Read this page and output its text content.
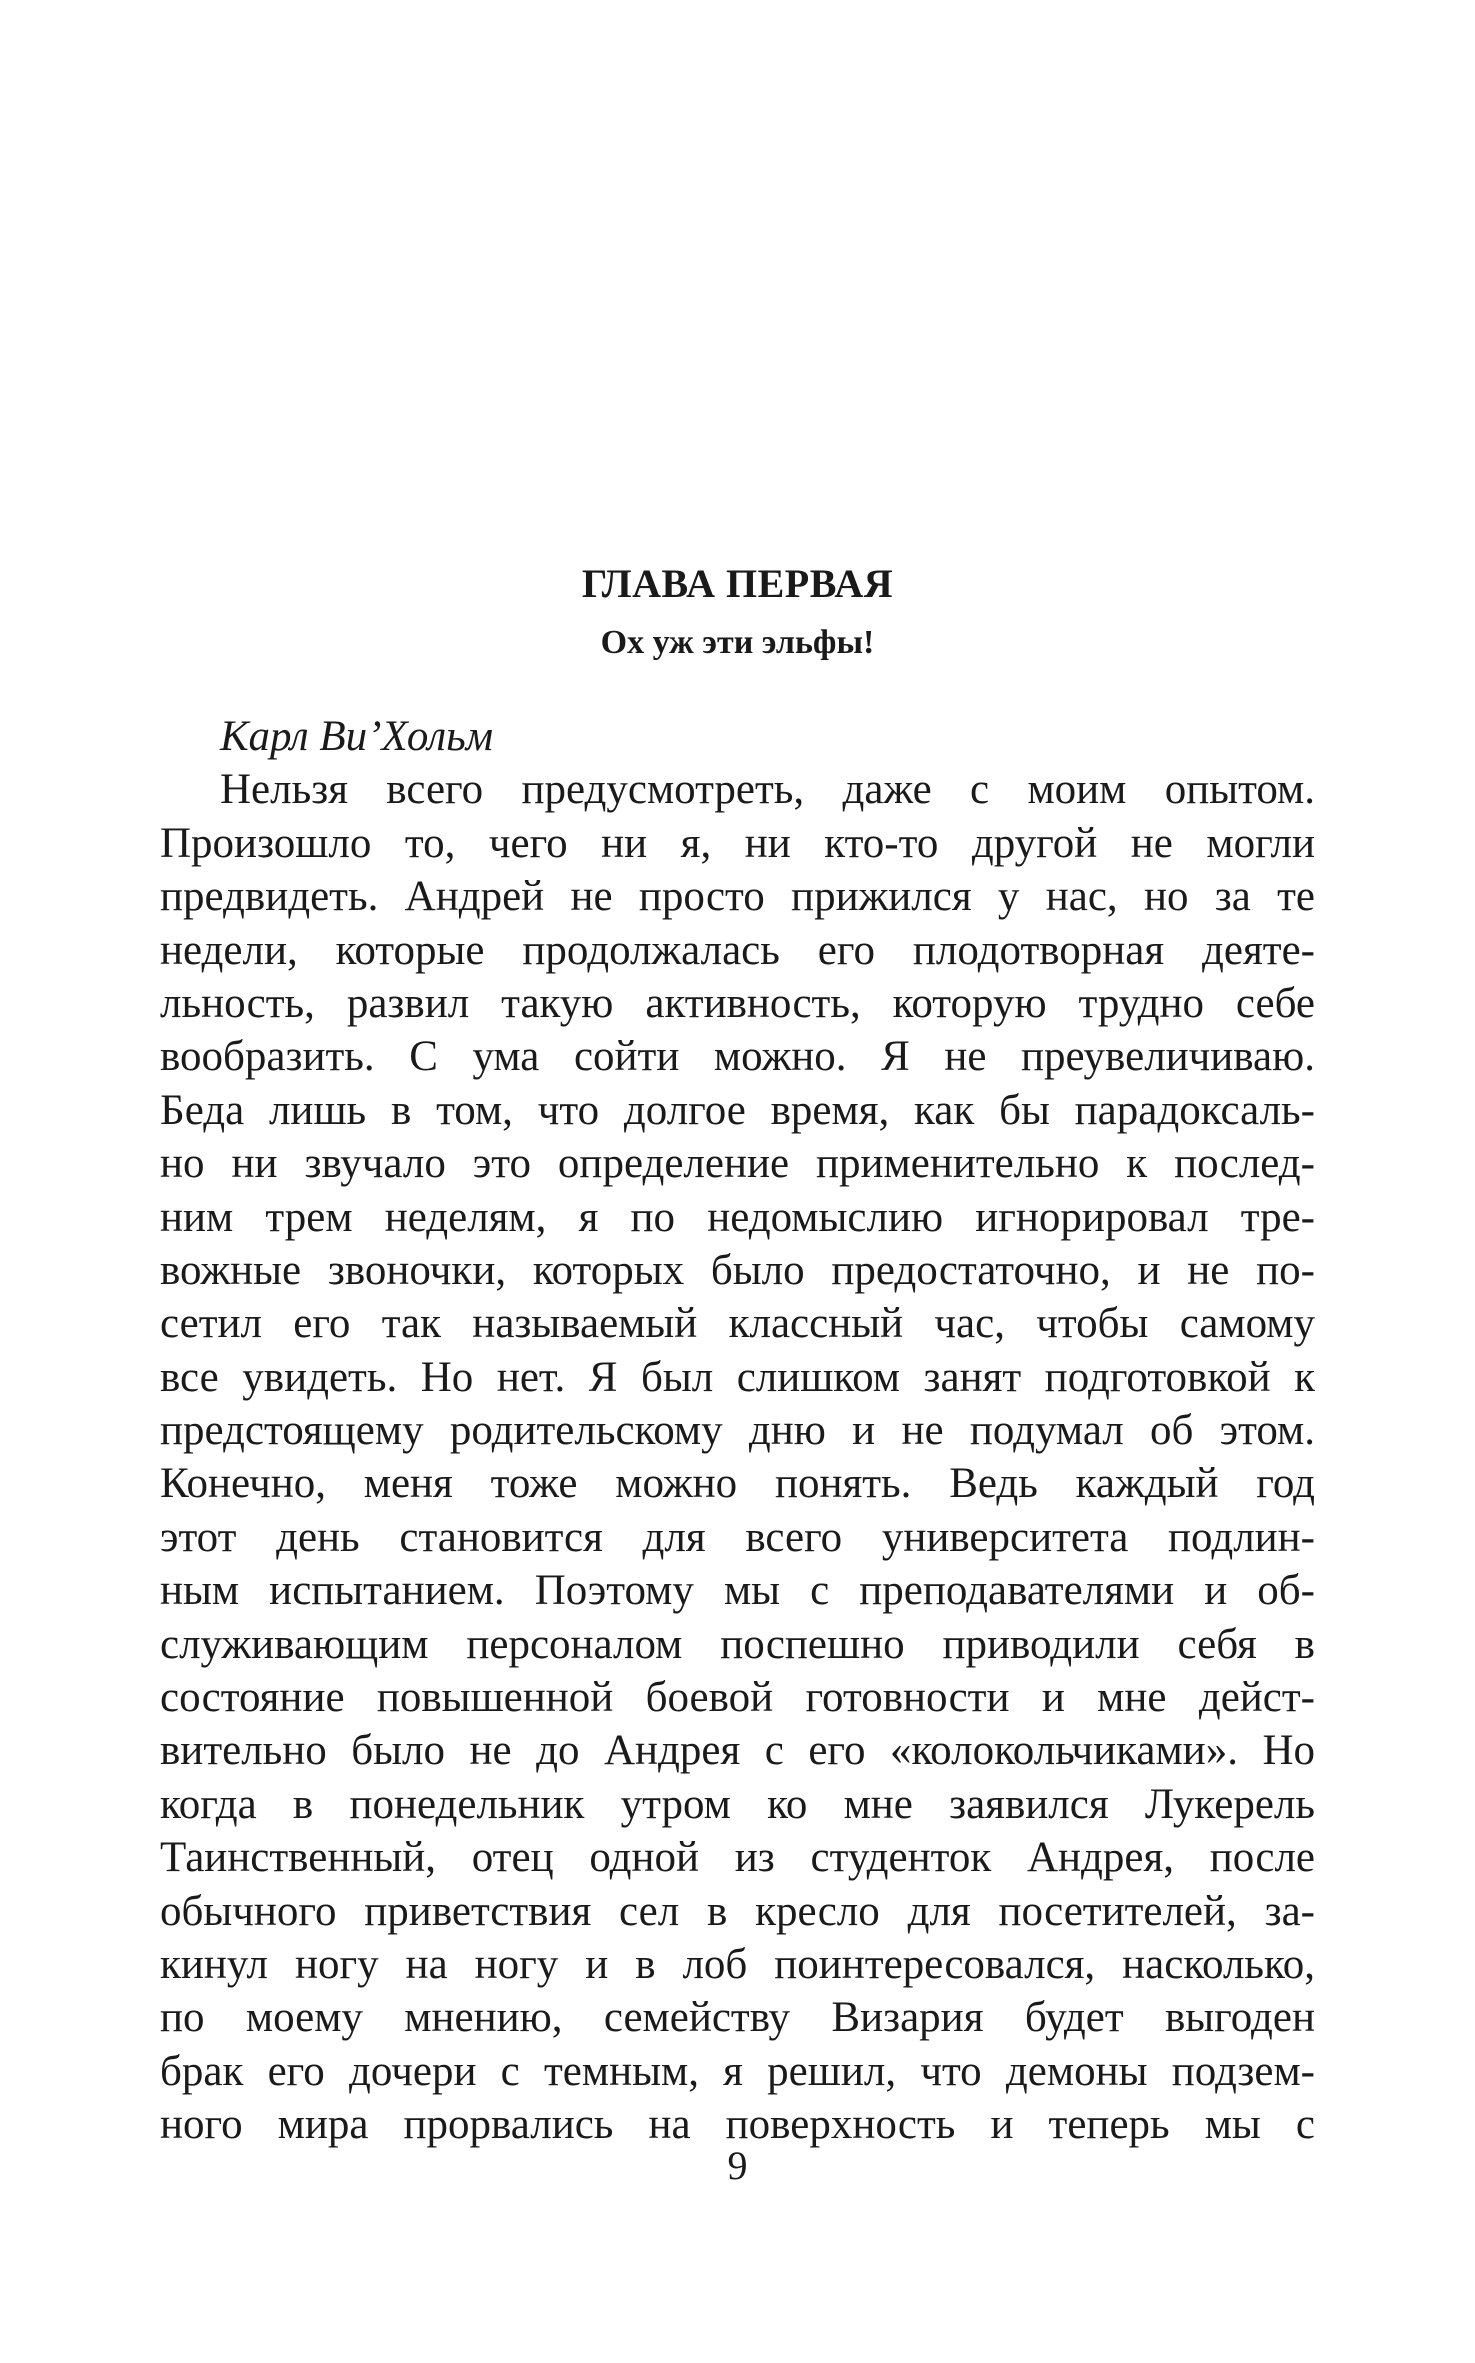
ГЛАВА ПЕРВАЯ
Ох уж эти эльфы!
Карл Ви’Хольм
Нельзя всего предусмотреть, даже с моим опытом.
Произошло то, чего ни я, ни кто-то другой не могли
предвидеть. Андрей не просто прижился у нас, но за те
недели, которые продолжалась его плодотворная деяте-
льность, развил такую активность, которую трудно себе
вообразить. С ума сойти можно. Я не преувеличиваю.
Беда лишь в том, что долгое время, как бы парадоксаль-
но ни звучало это определение применительно к послед-
ним трем неделям, я по недомыслию игнорировал тре-
вожные звоночки, которых было предостаточно, и не по-
сетил его так называемый классный час, чтобы самому
все увидеть. Но нет. Я был слишком занят подготовкой к
предстоящему родительскому дню и не подумал об этом.
Конечно, меня тоже можно понять. Ведь каждый год
этот день становится для всего университета подлин-
ным испытанием. Поэтому мы с преподавателями и об-
служивающим персоналом поспешно приводили себя в
состояние повышенной боевой готовности и мне дейст-
вительно было не до Андрея с его «колокольчиками». Но
когда в понедельник утром ко мне заявился Лукерель
Таинственный, отец одной из студенток Андрея, после
обычного приветствия сел в кресло для посетителей, за-
кинул ногу на ногу и в лоб поинтересовался, насколько,
по моему мнению, семейству Визария будет выгоден
брак его дочери с темным, я решил, что демоны подзем-
ного мира прорвались на поверхность и теперь мы с
9
